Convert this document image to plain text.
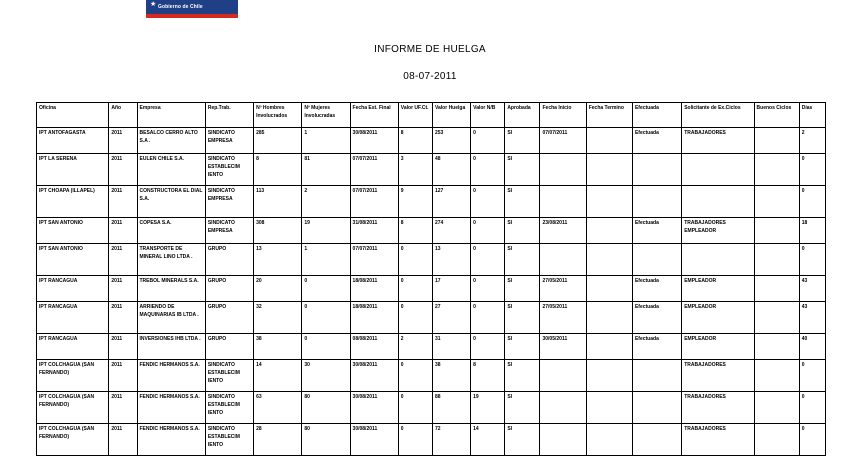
★ Gobierno de Chile
INFORME DE HUELGA
08-07-2011
Oficina	Año	Empresa	Rep.Trab.	Nº Hombres Involucrados	Nº Mujeres Involucradas	Fecha Est. Final	Valor UF.Ct.	Valor Huelga	Valor N/B	Aprobada	Fecha Inicio	Fecha Termino	Efectuada	Solicitante de Ex.Ciclos	Buenos Ciclos	Días
IPT ANTOFAGASTA	2011	BESALCO CERRO ALTO S.A .	SINDICATO EMPRESA	285	1	30/08/2011	8	253	0	SI	07/07/2011		Efectuada	TRABAJADORES		2
IPT LA SERENA	2011	EULEN CHILE S.A.	SINDICATO ESTABLECIM IENTO	8	81	07/07/2011	3	48	0	SI						0
IPT CHOAPA (ILLAPEL)	2011	CONSTRUCTORA EL DIAL S.A.	SINDICATO EMPRESA	113	2	07/07/2011	9	127	0	SI						0
IPT SAN ANTONIO	2011	COPESA S.A.	SINDICATO EMPRESA	308	19	31/08/2011	8	274	0	SI	23/08/2011		Efectuada	TRABAJADORES EMPLEADOR		18
IPT SAN ANTONIO	2011	TRANSPORTE DE MINERAL LINO LTDA .	GRUPO	13	1	07/07/2011	0	13	0	SI						0
IPT RANCAGUA	2011	TREBOL MINERALS S.A.	GRUPO	20	0	18/08/2011	0	17	0	SI	27/05/2011		Efectuada	EMPLEADOR		43
IPT RANCAGUA	2011	ARRIENDO DE MAQUINARIAS IB LTDA .	GRUPO	32	0	18/08/2011	0	27	0	SI	27/05/2011		Efectuada	EMPLEADOR		43
IPT RANCAGUA	2011	INVERSIONES IHB LTDA .	GRUPO	38	0	08/08/2011	2	31	0	SI	30/05/2011		Efectuada	EMPLEADOR		40
IPT COLCHAGUA (SAN FERNANDO)	2011	FENDIC HERMANOS S.A.	SINDICATO ESTABLECIM IENTO	14	30	30/08/2011	0	38	8	SI				TRABAJADORES		0
IPT COLCHAGUA (SAN FERNANDO)	2011	FENDIC HERMANOS S.A.	SINDICATO ESTABLECIM IENTO	63	80	30/08/2011	0	88	19	SI				TRABAJADORES		0
IPT COLCHAGUA (SAN FERNANDO)	2011	FENDIC HERMANOS S.A.	SINDICATO ESTABLECIM IENTO	28	80	30/08/2011	0	72	14	SI				TRABAJADORES		0
